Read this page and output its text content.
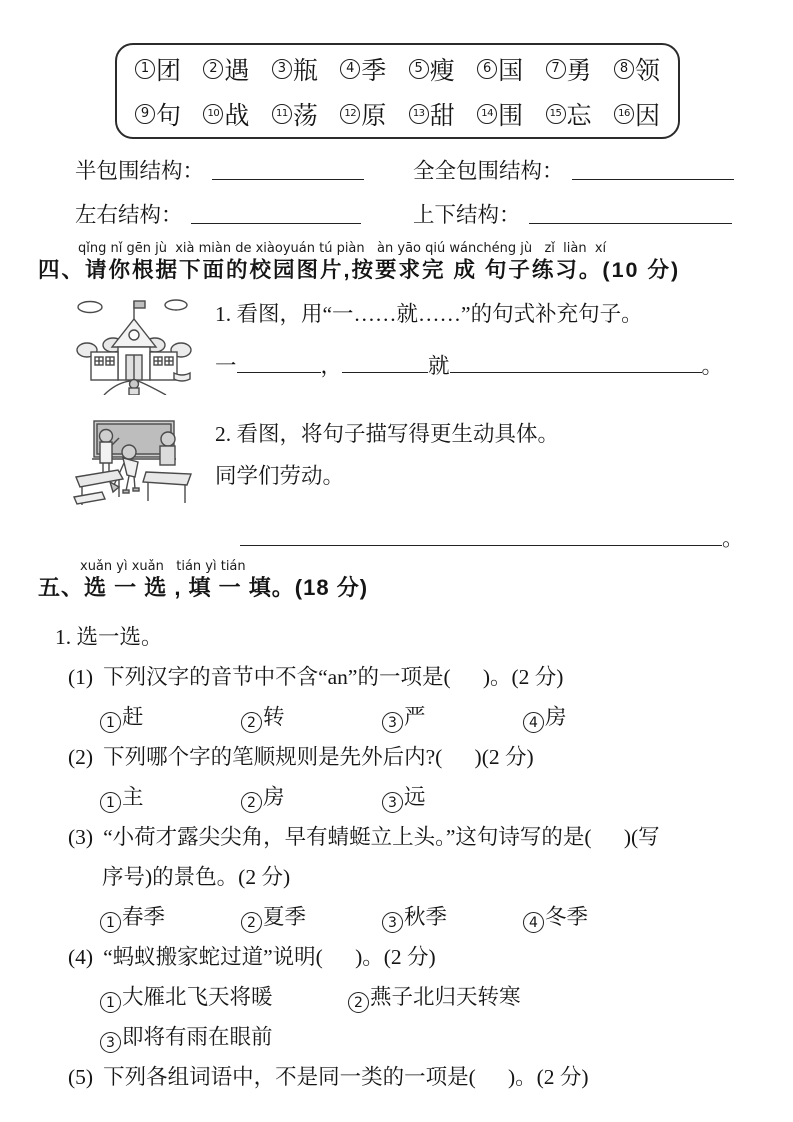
1 团	2 遇	3 瓶	4 季	5 瘦	6 国	7 勇	8 领
9 句	10 战	11 荡	12 原	13 甜	14 围	15 忘	16 因
半包围结构：	全全包围结构：
左右结构：	上下结构：
qǐng nǐ gēn jù  xià miàn de xiàoyuán tú piàn   àn yāo qiú wánchéng jù   zǐ  liàn  xí
四、请你根据下面的校园图片,按要求完 成 句子练习。(10 分)
1. 看图，用“一……就……”的句式补充句子。
一	，	就	。
2. 看图，将句子描写得更生动具体。
同学们劳动。
。
xuǎn yì xuǎn   tián yì tián
五、选 一 选 , 填 一 填。(18 分)
1. 选一选。
(1) 下列汉字的音节中不含“an”的一项是(      )。(2 分)
1 赶	2 转	3 严	4 房
(2) 下列哪个字的笔顺规则是先外后内?(      )(2 分)
1 主	2 房	3 远
(3) “小荷才露尖尖角，早有蜻蜓立上头。”这句诗写的是(      )(写
序号)的景色。(2 分)
1 春季	2 夏季	3 秋季	4 冬季
(4) “蚂蚁搬家蛇过道”说明(      )。(2 分)
1 大雁北飞天将暖	2 燕子北归天转寒
3 即将有雨在眼前
(5) 下列各组词语中，不是同一类的一项是(      )。(2 分)
